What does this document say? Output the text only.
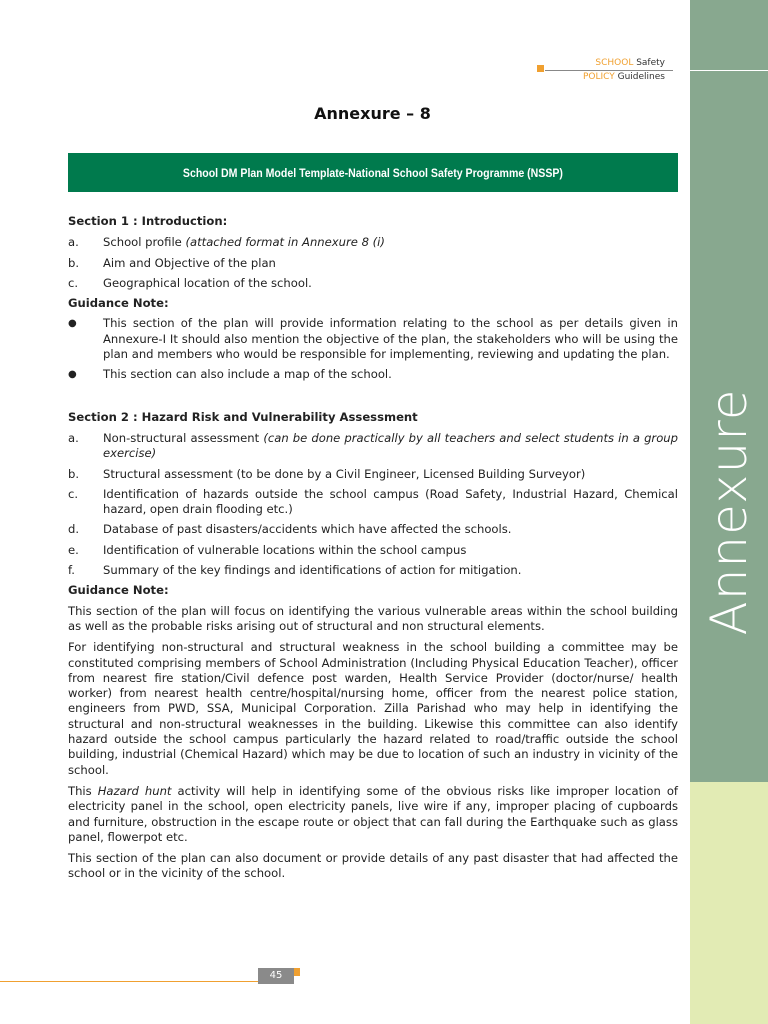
Annexure
SCHOOL Safety
POLICY Guidelines
Annexure – 8
School DM Plan Model Template-National School Safety Programme (NSSP)
Section 1 : Introduction:
a.	School profile (attached format in Annexure 8 (i)
b.	Aim and Objective of the plan
c.	Geographical location of the school.
Guidance Note:
●	This section of the plan will provide information relating to the school as per details given in Annexure-I It should also mention the objective of the plan, the stakeholders who will be using the plan and members who would be responsible for implementing, reviewing and updating the plan.
●	This section can also include a map of the school.
Section 2 : Hazard Risk and Vulnerability Assessment
a.	Non-structural assessment (can be done practically by all teachers and select students in a group exercise)
b.	Structural assessment (to be done by a Civil Engineer, Licensed Building Surveyor)
c.	Identification of hazards outside the school campus (Road Safety, Industrial Hazard, Chemical hazard, open drain flooding etc.)
d.	Database of past disasters/accidents which have affected the schools.
e.	Identification of vulnerable locations within the school campus
f.	Summary of the key findings and identifications of action for mitigation.
Guidance Note:

This section of the plan will focus on identifying the various vulnerable areas within the school building as well as the probable risks arising out of structural and non structural elements.

For identifying non-structural and structural weakness in the school building a committee may be constituted comprising members of School Administration (Including Physical Education Teacher), officer from nearest fire station/Civil defence post warden, Health Service Provider (doctor/nurse/ health worker) from nearest health centre/hospital/nursing home, officer from the nearest police station, engineers from PWD, SSA, Municipal Corporation. Zilla Parishad who may help in identifying the structural and non-structural weaknesses in the building. Likewise this committee can also identify hazard outside the school campus particularly the hazard related to road/traffic outside the school building, industrial (Chemical Hazard) which may be due to location of such an industry in vicinity of the school.

This Hazard hunt activity will help in identifying some of the obvious risks like improper location of electricity panel in the school, open electricity panels, live wire if any, improper placing of cupboards and furniture, obstruction in the escape route or object that can fall during the Earthquake such as glass panel, flowerpot etc.

This section of the plan can also document or provide details of any past disaster that had affected the school or in the vicinity of the school.

45
